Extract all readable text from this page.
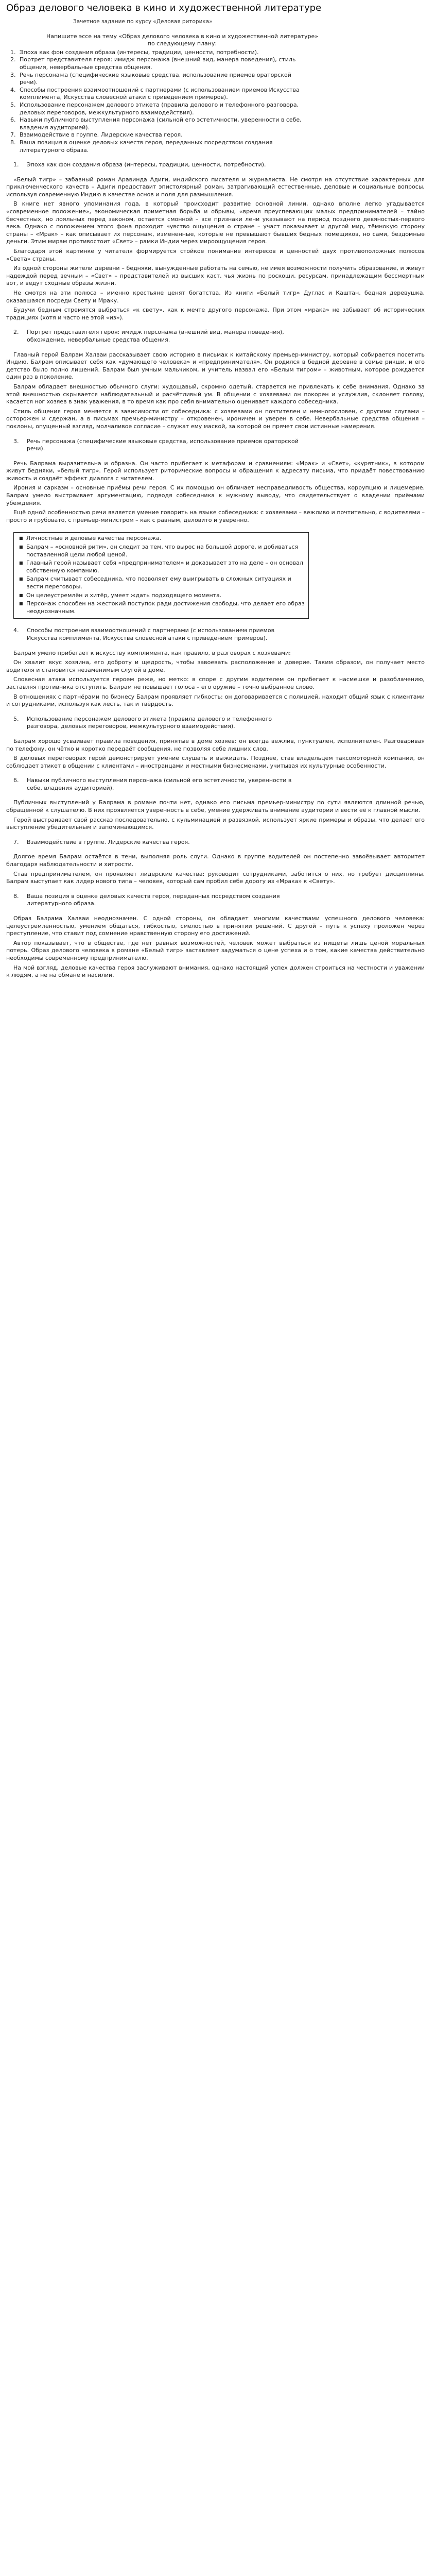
Образ делового человека в кино и художественной литературе
Зачетное задание по курсу «Деловая риторика»
Напишите эссе на тему «Образ делового человека в кино и художественной литературе» по следующему плану:
1. Эпоха как фон создания образа (интересы, традиции, ценности, потребности).
2. Портрет представителя героя: имидж персонажа (внешний вид, манера поведения), стиль общения, невербальные средства общения.
3. Речь персонажа (специфические языковые средства, использование приемов ораторской речи).
4. Способы построения взаимоотношений с партнерами (с использованием приемов Искусства комплимента, Искусства словесной атаки с приведением примеров).
5. Использование персонажем делового этикета (правила делового и телефонного разговора, деловых переговоров, межкультурного взаимодействия).
6. Навыки публичного выступления персонажа (сильной его эстетичности, уверенности в себе, владения аудиторией).
7. Взаимодействие в группе. Лидерские качества героя.
8. Ваша позиция в оценке деловых качеств героя, переданных посредством создания литературного образа.
1. Эпоха как фон создания образа (интересы, традиции, ценности, потребности).

«Белый тигр» – забавный роман Аравинда Адиги, индийского писателя и журналиста. Не смотря на отсутствие характерных для приключенческого качеств – Адиги предоставит эпистолярный роман, затрагивающий естественные, деловые и социальные вопросы, используя современную Индию в качестве основ и поля для размышления.

В книге нет явного упоминания года, в который происходит развитие основной линии, однако вполне легко угадывается «современное положение», экономическая приметная борьба и обрывы, «время преуспевающих малых предпринимателей – тайно бесчестных, но лояльных перед законом, остается смонной – все признаки лени указывают на период позднего девяностых-первого века. Однако с положением этого фона проходит чувство ощущения о стране – участ показывает и другой мир, тёмнокую сторону страны – «Мрак» – как описывает их персонаж, измененные, которые не превышают бывших бедных помещиков, но сами, бездомные деньги. Этим мирам противостоит «Свет» – рамки Индии через мироощущения героя.

Благодаря этой картинке у читателя формируется стойкое понимание интересов и ценностей двух противоположных полюсов «Света» страны.

Из одной стороны жители деревни – бедняки, вынужденные работать на семью, не имея возможности получить образование, и живут надеждой перед вечным – «Свет» – представителей из высших каст, чья жизнь по роскоши, ресурсам, принадлежащим бессмертным вот, и ведут сходные образы жизни.

Не смотря на эти полюса – именно крестьяне ценят богатства. Из книги «Белый тигр» Дуглас и Каштан, бедная деревушка, оказавшаяся посреди Свету и Мраку.

Будучи бедным стремятся выбраться «к свету», как к мечте другого персонажа. При этом «мрака» не забывает об исторических традициях (хотя и часто не этой «из»).

2. Портрет представителя героя: имидж персонажа (внешний вид, манера поведения), обхождение, невербальные средства общения.

Главный герой Балрам Халваи рассказывает свою историю в письмах к китайскому премьер-министру, который собирается посетить Индию. Балрам описывает себя как «думающего человека» и «предпринимателя». Он родился в бедной деревне в семье рикши, и его детство было полно лишений. Балрам был умным мальчиком, и учитель назвал его «Белым тигром» – животным, которое рождается один раз в поколение.

Балрам обладает внешностью обычного слуги: худощавый, скромно одетый, старается не привлекать к себе внимания. Однако за этой внешностью скрывается наблюдательный и расчётливый ум. В общении с хозяевами он покорен и услужлив, склоняет голову, касается ног хозяев в знак уважения, в то время как про себя внимательно оценивает каждого собеседника.

Стиль общения героя меняется в зависимости от собеседника: с хозяевами он почтителен и немногословен, с другими слугами – осторожен и сдержан, а в письмах премьер-министру – откровенен, ироничен и уверен в себе. Невербальные средства общения – поклоны, опущенный взгляд, молчаливое согласие – служат ему маской, за которой он прячет свои истинные намерения.

3. Речь персонажа (специфические языковые средства, использование приемов ораторской речи).

Речь Балрама выразительна и образна. Он часто прибегает к метафорам и сравнениям: «Мрак» и «Свет», «курятник», в котором живут бедняки, «белый тигр». Герой использует риторические вопросы и обращения к адресату письма, что придаёт повествованию живость и создаёт эффект диалога с читателем.

Ирония и сарказм – основные приёмы речи героя. С их помощью он обличает несправедливость общества, коррупцию и лицемерие. Балрам умело выстраивает аргументацию, подводя собеседника к нужному выводу, что свидетельствует о владении приёмами убеждения.

Ещё одной особенностью речи является умение говорить на языке собеседника: с хозяевами – вежливо и почтительно, с водителями – просто и грубовато, с премьер-министром – как с равным, деловито и уверенно.

■ Личностные и деловые качества персонажа.
■ Балрам – «основной ритм», он следит за тем, что вырос на большой дороге, и добиваться поставленной цели любой ценой.
■ Главный герой называет себя «предпринимателем» и доказывает это на деле – он основал собственную компанию.
■ Балрам считывает собеседника, что позволяет ему выигрывать в сложных ситуациях и вести переговоры.
■ Он целеустремлён и хитёр, умеет ждать подходящего момента.
■ Персонаж способен на жестокий поступок ради достижения свободы, что делает его образ неоднозначным.
4. Способы построения взаимоотношений с партнерами (с использованием приемов Искусства комплимента, Искусства словесной атаки с приведением примеров).

Балрам умело прибегает к искусству комплимента, как правило, в разговорах с хозяевами:

Он хвалит вкус хозяина, его доброту и щедрость, чтобы завоевать расположение и доверие. Таким образом, он получает место водителя и становится незаменимым слугой в доме.

Словесная атака используется героем реже, но метко: в споре с другим водителем он прибегает к насмешке и разоблачению, заставляя противника отступить. Балрам не повышает голоса – его оружие – точно выбранное слово.

В отношениях с партнёрами по бизнесу Балрам проявляет гибкость: он договаривается с полицией, находит общий язык с клиентами и сотрудниками, используя как лесть, так и твёрдость.

5. Использование персонажем делового этикета (правила делового и телефонного разговора, деловых переговоров, межкультурного взаимодействия).

Балрам хорошо усваивает правила поведения, принятые в доме хозяев: он всегда вежлив, пунктуален, исполнителен. Разговаривая по телефону, он чётко и коротко передаёт сообщения, не позволяя себе лишних слов.

В деловых переговорах герой демонстрирует умение слушать и выжидать. Позднее, став владельцем таксомоторной компании, он соблюдает этикет в общении с клиентами – иностранцами и местными бизнесменами, учитывая их культурные особенности.

6. Навыки публичного выступления персонажа (сильной его эстетичности, уверенности в себе, владения аудиторией).

Публичных выступлений у Балрама в романе почти нет, однако его письма премьер-министру по сути являются длинной речью, обращённой к слушателю. В них проявляется уверенность в себе, умение удерживать внимание аудитории и вести её к главной мысли.

Герой выстраивает свой рассказ последовательно, с кульминацией и развязкой, использует яркие примеры и образы, что делает его выступление убедительным и запоминающимся.

7. Взаимодействие в группе. Лидерские качества героя.

Долгое время Балрам остаётся в тени, выполняя роль слуги. Однако в группе водителей он постепенно завоёвывает авторитет благодаря наблюдательности и хитрости.

Став предпринимателем, он проявляет лидерские качества: руководит сотрудниками, заботится о них, но требует дисциплины. Балрам выступает как лидер нового типа – человек, который сам пробил себе дорогу из «Мрака» к «Свету».

8. Ваша позиция в оценке деловых качеств героя, переданных посредством создания литературного образа.

Образ Балрама Халваи неоднозначен. С одной стороны, он обладает многими качествами успешного делового человека: целеустремлённостью, умением общаться, гибкостью, смелостью в принятии решений. С другой – путь к успеху проложен через преступление, что ставит под сомнение нравственную сторону его достижений.

Автор показывает, что в обществе, где нет равных возможностей, человек может выбраться из нищеты лишь ценой моральных потерь. Образ делового человека в романе «Белый тигр» заставляет задуматься о цене успеха и о том, какие качества действительно необходимы современному предпринимателю.

На мой взгляд, деловые качества героя заслуживают внимания, однако настоящий успех должен строиться на честности и уважении к людям, а не на обмане и насилии.
